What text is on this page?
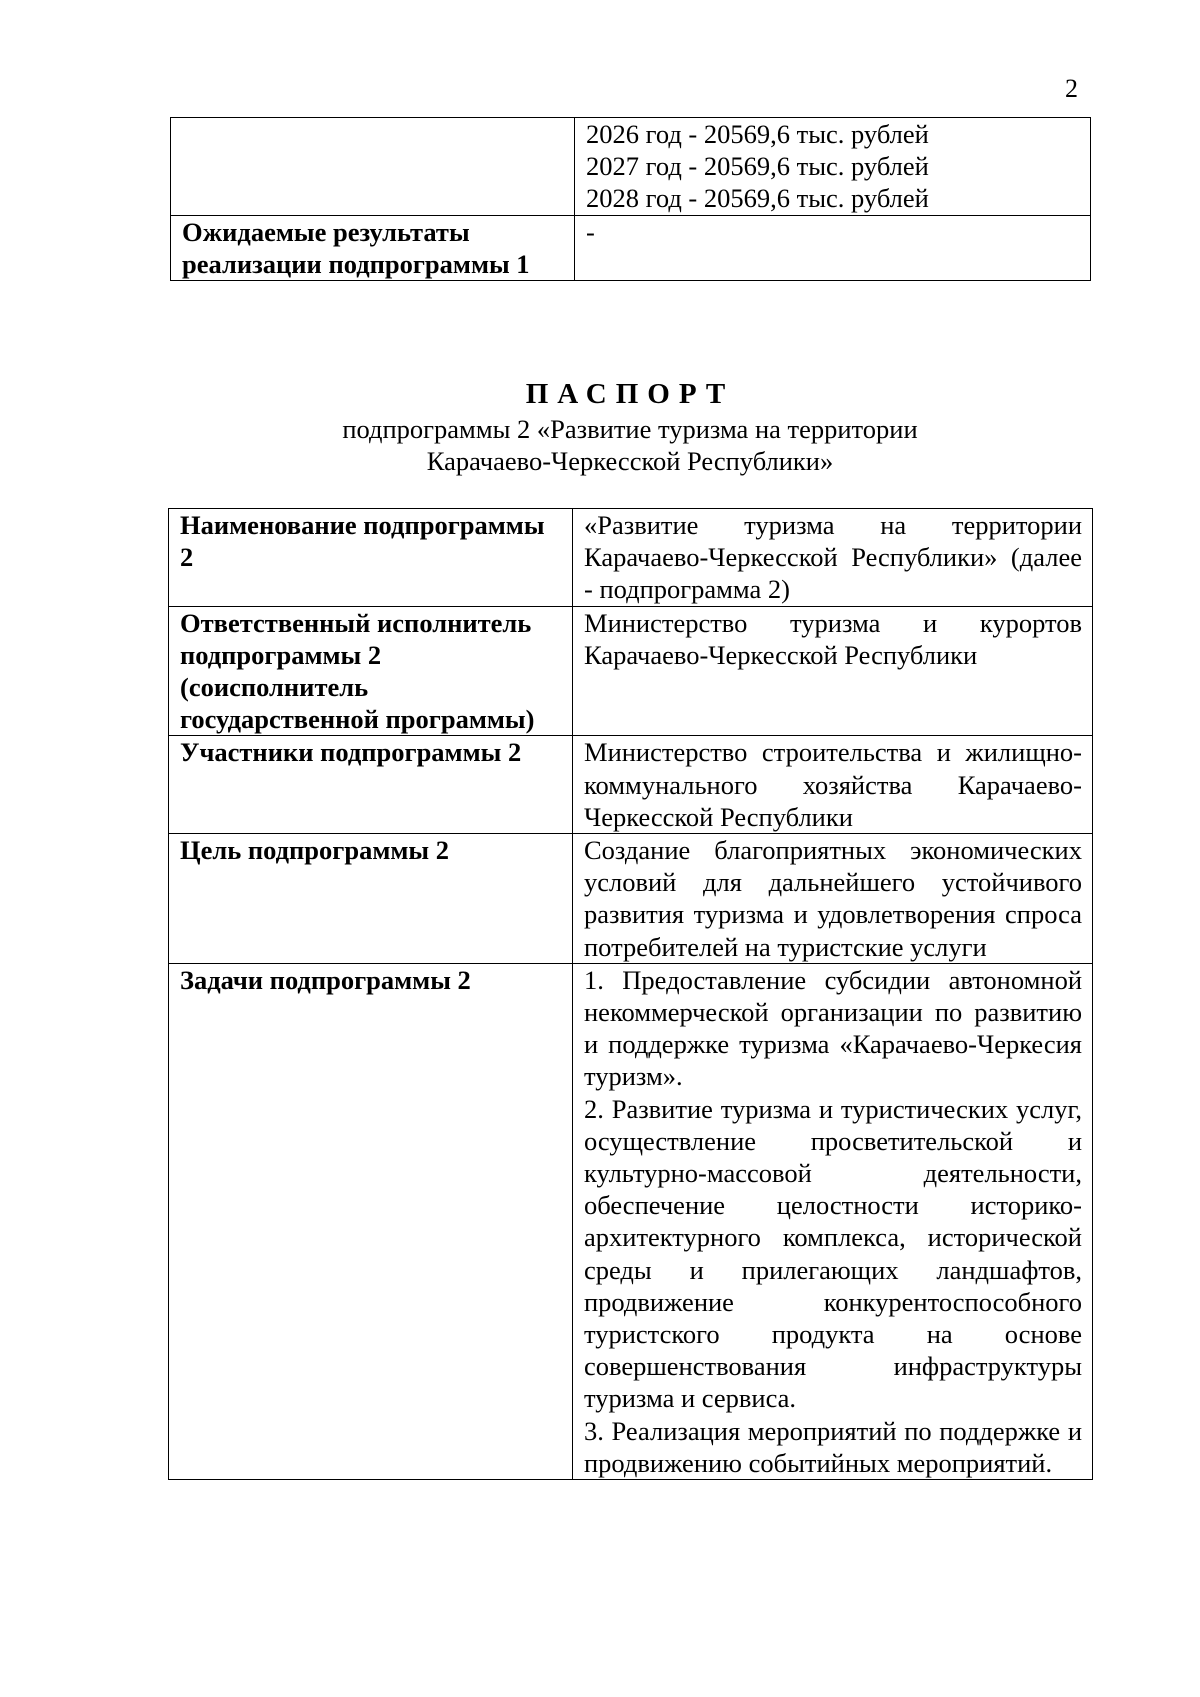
2

	2026 год - 20569,6 тыс. рублей
2027 год - 20569,6 тыс. рублей
2028 год - 20569,6 тыс. рублей

Ожидаемые результаты реализации подпрограммы 1	-
ПАСПОРТ
подпрограммы 2 «Развитие туризма на территории
Карачаево-Черкесской Республики»
Наименование подпрограммы 2	«Развитие туризма на территории Карачаево-Черкесской Республики» (далее - подпрограмма 2)

Ответственный исполнитель подпрограммы 2 (соисполнитель государственной программы)	Министерство туризма и курортов Карачаево-Черкесской Республики

Участники подпрограммы 2	Министерство строительства и жилищно-коммунального хозяйства Карачаево-Черкесской Республики

Цель подпрограммы 2	Создание благоприятных экономических условий для дальнейшего устойчивого развития туризма и удовлетворения спроса потребителей на туристские услуги

Задачи подпрограммы 2	1. Предоставление субсидии автономной некоммерческой организации по развитию и поддержке туризма «Карачаево-Черкесия туризм».
2. Развитие туризма и туристических услуг, осуществление просветительской и культурно-массовой деятельности, обеспечение целостности историко-архитектурного комплекса, исторической среды и прилегающих ландшафтов, продвижение конкурентоспособного туристского продукта на основе совершенствования инфраструктуры туризма и сервиса.
3. Реализация мероприятий по поддержке и продвижению событийных мероприятий.
